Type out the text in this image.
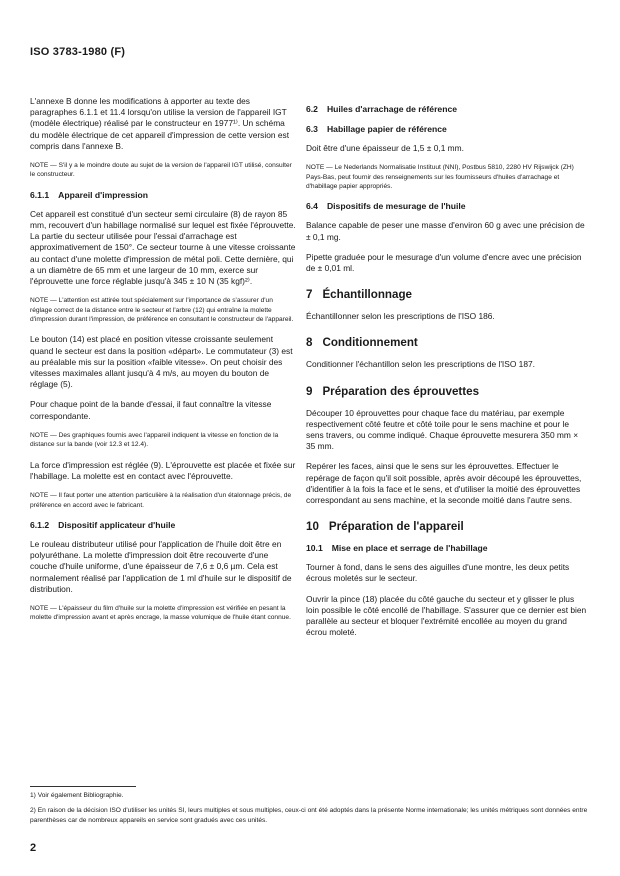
ISO 3783-1980 (F)

L'annexe B donne les modifications à apporter au texte des paragraphes 6.1.1 et 11.4 lorsqu'on utilise la version de l'appareil IGT (modèle électrique) réalisé par le constructeur en 1977¹⁾. Un schéma du modèle électrique de cet appareil d'impression de cette version est compris dans l'annexe B.

NOTE — S'il y a le moindre doute au sujet de la version de l'appareil IGT utilisé, consulter le constructeur.

6.1.1 Appareil d'impression

Cet appareil est constitué d'un secteur semi circulaire (8) de rayon 85 mm, recouvert d'un habillage normalisé sur lequel est fixée l'éprouvette. La partie du secteur utilisée pour l'essai d'arrachage est approximativement de 150°. Ce secteur tourne à une vitesse croissante au contact d'une molette d'impression de métal poli. Cette dernière, qui a un diamètre de 65 mm et une largeur de 10 mm, exerce sur l'éprouvette une force réglable jusqu'à 345 ± 10 N (35 kgf)²⁾.

NOTE — L'attention est attirée tout spécialement sur l'importance de s'assurer d'un réglage correct de la distance entre le secteur et l'arbre (12) qui entraîne la molette d'impression durant l'impression, de préférence en consultant le constructeur de l'appareil.

Le bouton (14) est placé en position vitesse croissante seulement quand le secteur est dans la position «départ». Le commutateur (3) est au préalable mis sur la position «faible vitesse». On peut choisir des vitesses maximales allant jusqu'à 4 m/s, au moyen du bouton de réglage (5).

Pour chaque point de la bande d'essai, il faut connaître la vitesse correspondante.

NOTE — Des graphiques fournis avec l'appareil indiquent la vitesse en fonction de la distance sur la bande (voir 12.3 et 12.4).

La force d'impression est réglée (9). L'éprouvette est placée et fixée sur l'habillage. La molette est en contact avec l'éprouvette.

NOTE — Il faut porter une attention particulière à la réalisation d'un étalonnage précis, de préférence en accord avec le fabricant.

6.1.2 Dispositif applicateur d'huile

Le rouleau distributeur utilisé pour l'application de l'huile doit être en polyuréthane. La molette d'impression doit être recouverte d'une couche d'huile uniforme, d'une épaisseur de 7,6 ± 0,6 µm. Cela est normalement réalisé par l'application de 1 ml d'huile sur le dispositif de distribution.

NOTE — L'épaisseur du film d'huile sur la molette d'impression est vérifiée en pesant la molette d'impression avant et après encrage, la masse volumique de l'huile étant connue.

6.2 Huiles d'arrachage de référence
6.3 Habillage papier de référence

Doit être d'une épaisseur de 1,5 ± 0,1 mm.

NOTE — Le Nederlands Normalisatie Instituut (NNI), Postbus 5810, 2280 HV Rijswijck (ZH) Pays-Bas, peut fournir des renseignements sur les fournisseurs d'huiles d'arrachage et d'habillage papier appropriés.

6.4 Dispositifs de mesurage de l'huile

Balance capable de peser une masse d'environ 60 g avec une précision de ± 0,1 mg.

Pipette graduée pour le mesurage d'un volume d'encre avec une précision de ± 0,01 ml.

7 Échantillonnage

Échantillonner selon les prescriptions de l'ISO 186.

8 Conditionnement

Conditionner l'échantillon selon les prescriptions de l'ISO 187.

9 Préparation des éprouvettes

Découper 10 éprouvettes pour chaque face du matériau, par exemple respectivement côté feutre et côté toile pour le sens machine et pour le sens travers, ou comme indiqué. Chaque éprouvette mesurera 350 mm × 35 mm.

Repérer les faces, ainsi que le sens sur les éprouvettes. Effectuer le repérage de façon qu'il soit possible, après avoir découpé les éprouvettes, d'identifier à la fois la face et le sens, et d'utiliser la moitié des éprouvettes correspondant au sens machine, et la seconde moitié dans l'autre sens.

10 Préparation de l'appareil
10.1 Mise en place et serrage de l'habillage

Tourner à fond, dans le sens des aiguilles d'une montre, les deux petits écrous moletés sur le secteur.

Ouvrir la pince (18) placée du côté gauche du secteur et y glisser le plus loin possible le côté encollé de l'habillage. S'assurer que ce dernier est bien parallèle au secteur et bloquer l'extrémité encollée au moyen du grand écrou moleté.

1) Voir également Bibliographie.

2) En raison de la décision ISO d'utiliser les unités SI, leurs multiples et sous multiples, ceux-ci ont été adoptés dans la présente Norme internationale; les unités métriques sont données entre parenthèses car de nombreux appareils en service sont gradués avec ces unités.

2
